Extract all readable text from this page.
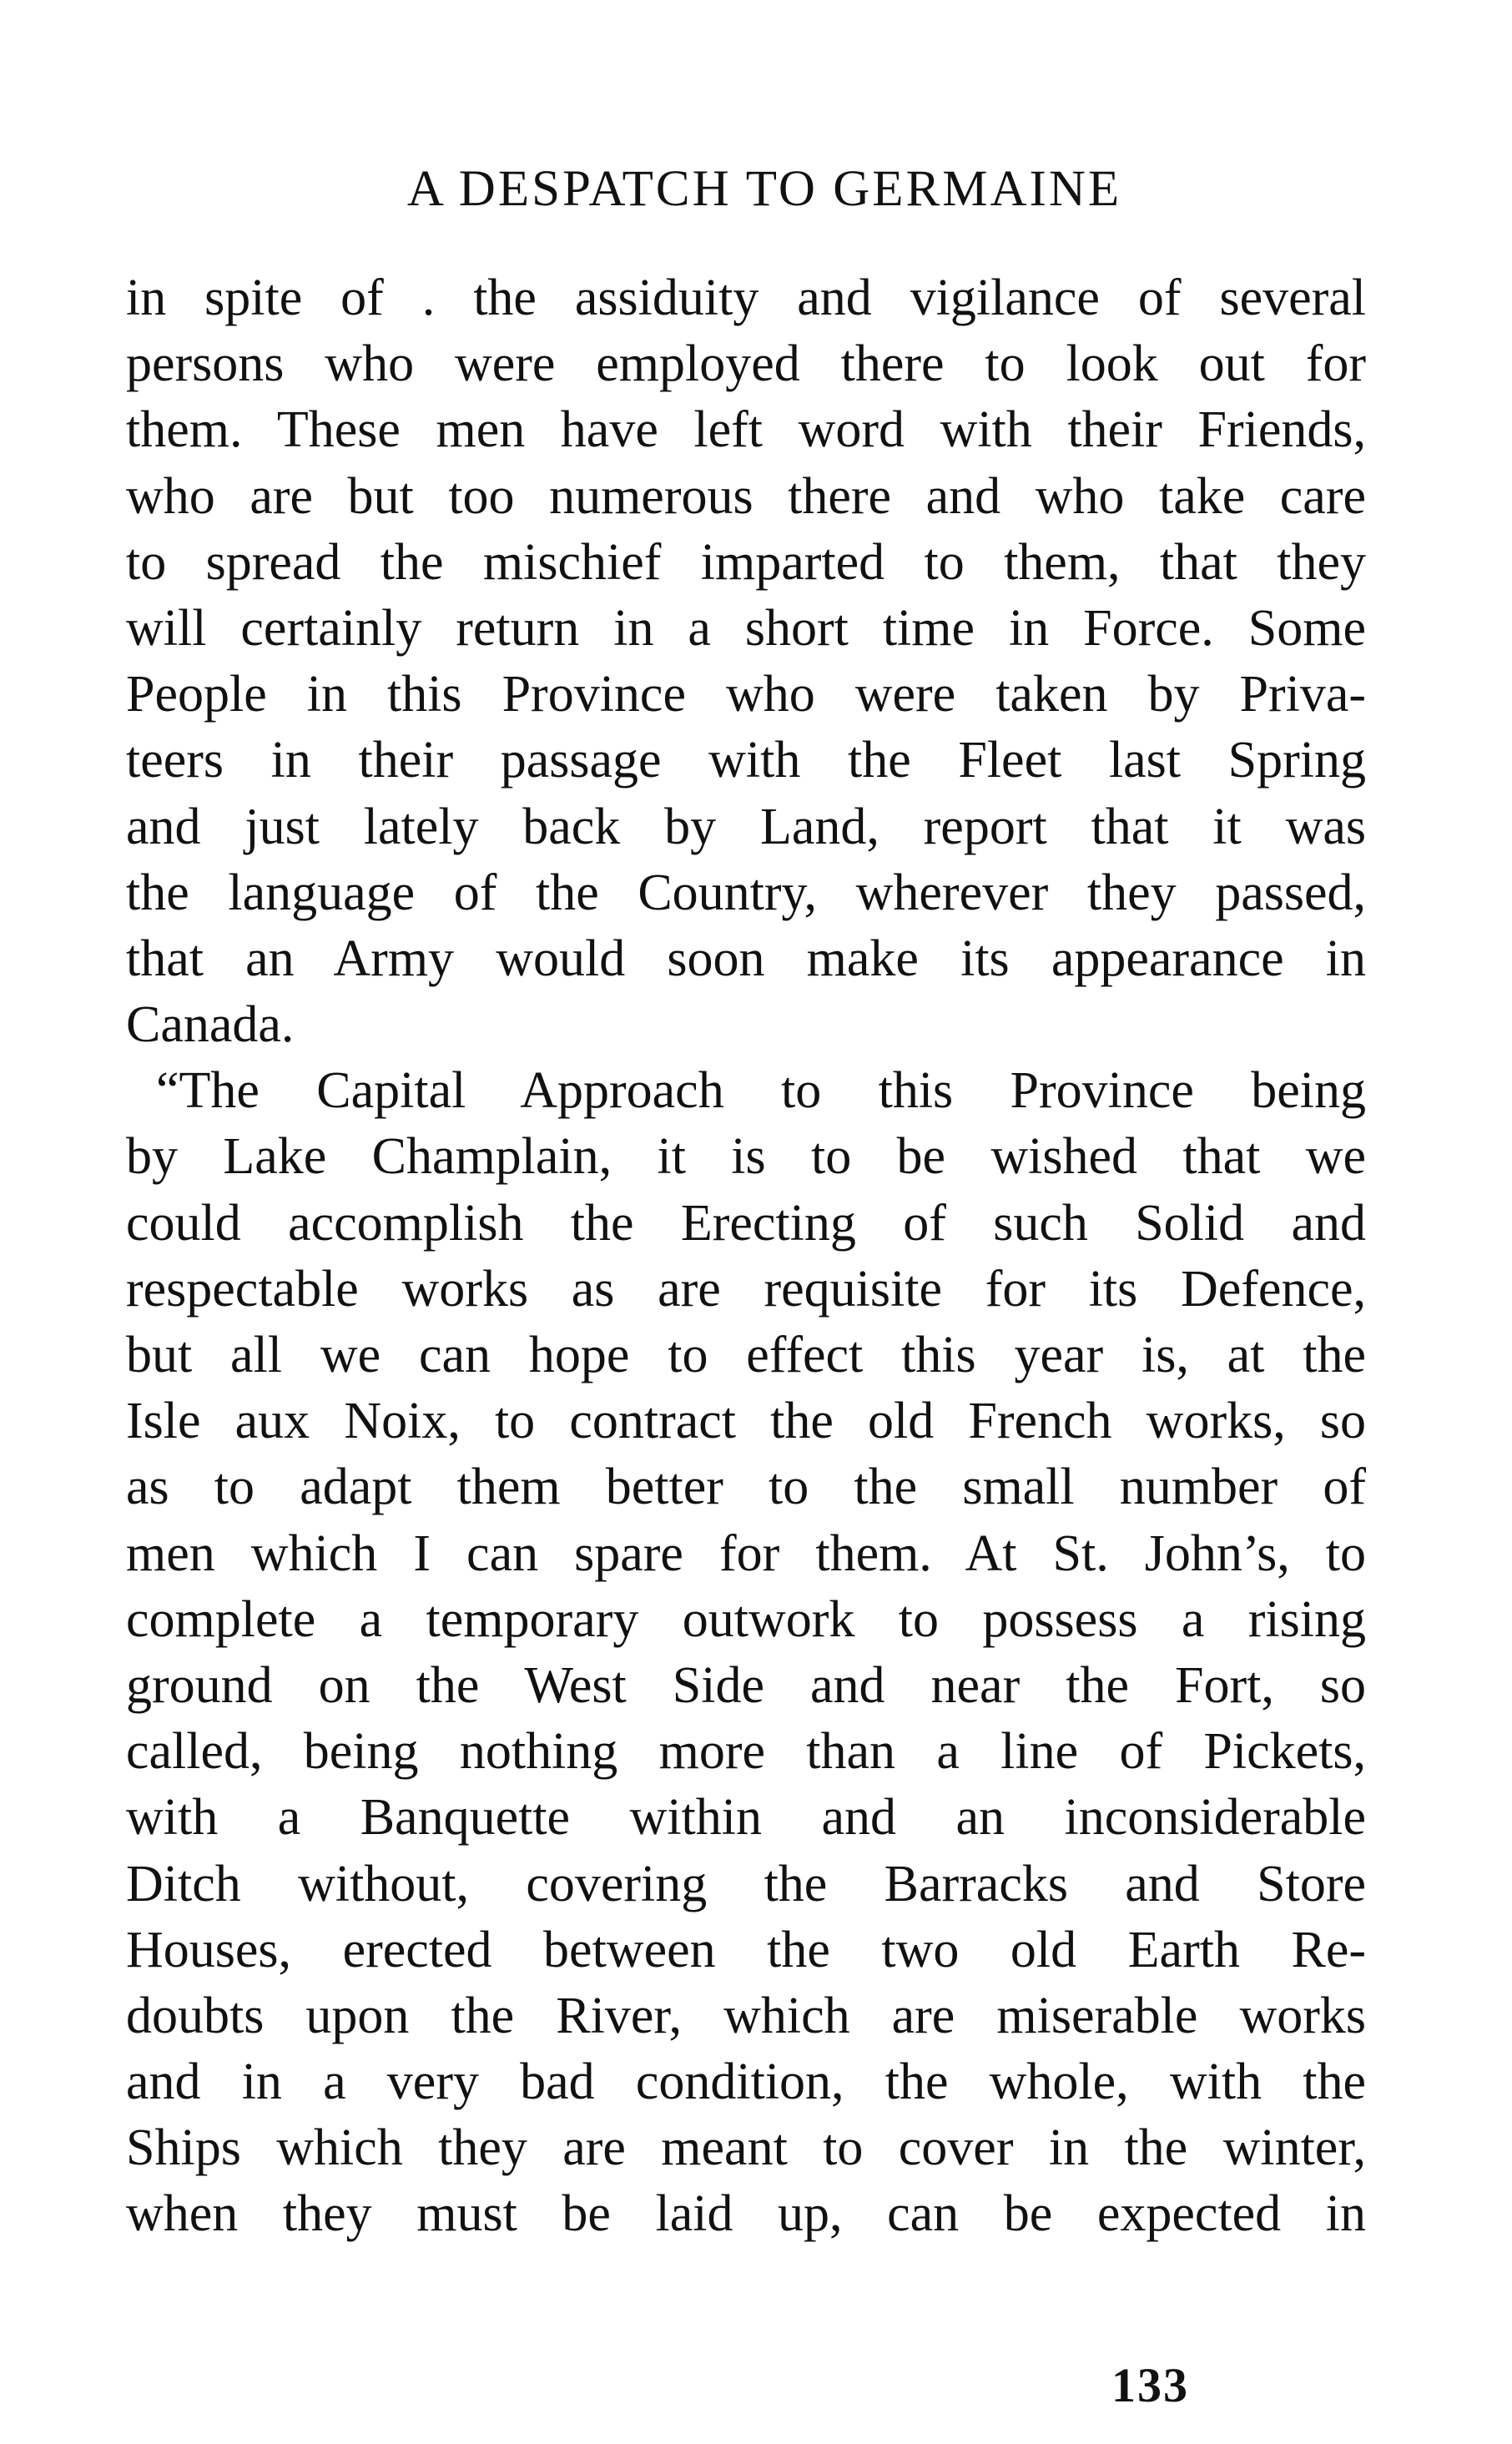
A DESPATCH TO GERMAINE
in spite of . the assiduity and vigilance of several
persons who were employed there to look out for
them. These men have left word with their Friends,
who are but too numerous there and who take care
to spread the mischief imparted to them, that they
will certainly return in a short time in Force. Some
People in this Province who were taken by Priva-
teers in their passage with the Fleet last Spring
and just lately back by Land, report that it was
the language of the Country, wherever they passed,
that an Army would soon make its appearance in
Canada.
“The Capital Approach to this Province being
by Lake Champlain, it is to be wished that we
could accomplish the Erecting of such Solid and
respectable works as are requisite for its Defence,
but all we can hope to effect this year is, at the
Isle aux Noix, to contract the old French works, so
as to adapt them better to the small number of
men which I can spare for them. At St. John’s, to
complete a temporary outwork to possess a rising
ground on the West Side and near the Fort, so
called, being nothing more than a line of Pickets,
with a Banquette within and an inconsiderable
Ditch without, covering the Barracks and Store
Houses, erected between the two old Earth Re-
doubts upon the River, which are miserable works
and in a very bad condition, the whole, with the
Ships which they are meant to cover in the winter,
when they must be laid up, can be expected in
133
